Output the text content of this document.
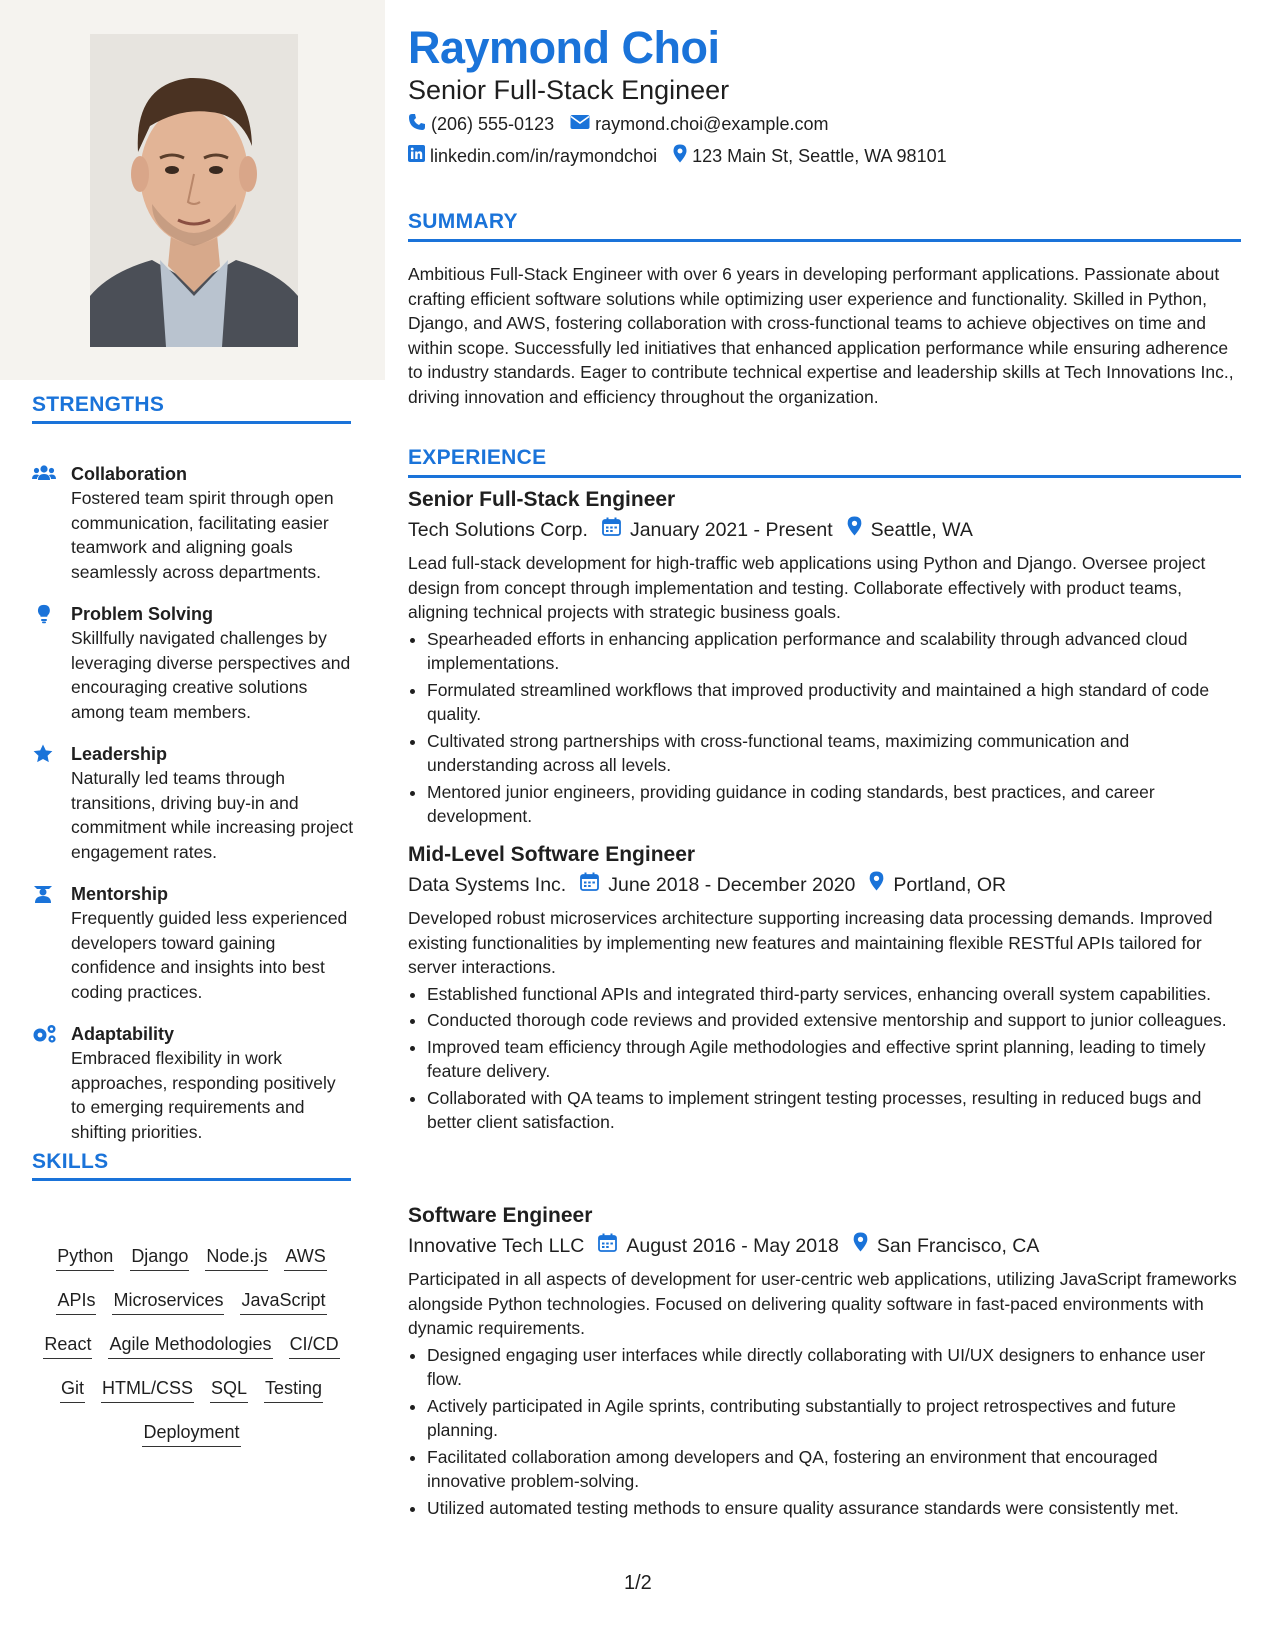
STRENGTHS
Collaboration
Fostered team spirit through open communication, facilitating easier teamwork and aligning goals seamlessly across departments.
Problem Solving
Skillfully navigated challenges by leveraging diverse perspectives and encouraging creative solutions among team members.
Leadership
Naturally led teams through transitions, driving buy-in and commitment while increasing project engagement rates.
Mentorship
Frequently guided less experienced developers toward gaining confidence and insights into best coding practices.
Adaptability
Embraced flexibility in work approaches, responding positively to emerging requirements and shifting priorities.
SKILLS
Python Django Node.js AWS
APIs Microservices JavaScript
React Agile Methodologies CI/CD
Git HTML/CSS SQL Testing
Deployment
Raymond Choi
Senior Full-Stack Engineer
(206) 555-0123 raymond.choi@example.com
linkedin.com/in/raymondchoi 123 Main St, Seattle, WA 98101
SUMMARY
Ambitious Full-Stack Engineer with over 6 years in developing performant applications. Passionate about crafting efficient software solutions while optimizing user experience and functionality. Skilled in Python, Django, and AWS, fostering collaboration with cross-functional teams to achieve objectives on time and within scope. Successfully led initiatives that enhanced application performance while ensuring adherence to industry standards. Eager to contribute technical expertise and leadership skills at Tech Innovations Inc., driving innovation and efficiency throughout the organization.
EXPERIENCE
Senior Full-Stack Engineer
Tech Solutions Corp. January 2021 - Present Seattle, WA
Lead full-stack development for high-traffic web applications using Python and Django. Oversee project design from concept through implementation and testing. Collaborate effectively with product teams, aligning technical projects with strategic business goals.
• Spearheaded efforts in enhancing application performance and scalability through advanced cloud implementations.
• Formulated streamlined workflows that improved productivity and maintained a high standard of code quality.
• Cultivated strong partnerships with cross-functional teams, maximizing communication and understanding across all levels.
• Mentored junior engineers, providing guidance in coding standards, best practices, and career development.
Mid-Level Software Engineer
Data Systems Inc. June 2018 - December 2020 Portland, OR
Developed robust microservices architecture supporting increasing data processing demands. Improved existing functionalities by implementing new features and maintaining flexible RESTful APIs tailored for server interactions.
• Established functional APIs and integrated third-party services, enhancing overall system capabilities.
• Conducted thorough code reviews and provided extensive mentorship and support to junior colleagues.
• Improved team efficiency through Agile methodologies and effective sprint planning, leading to timely feature delivery.
• Collaborated with QA teams to implement stringent testing processes, resulting in reduced bugs and better client satisfaction.
Software Engineer
Innovative Tech LLC August 2016 - May 2018 San Francisco, CA
Participated in all aspects of development for user-centric web applications, utilizing JavaScript frameworks alongside Python technologies. Focused on delivering quality software in fast-paced environments with dynamic requirements.
• Designed engaging user interfaces while directly collaborating with UI/UX designers to enhance user flow.
• Actively participated in Agile sprints, contributing substantially to project retrospectives and future planning.
• Facilitated collaboration among developers and QA, fostering an environment that encouraged innovative problem-solving.
• Utilized automated testing methods to ensure quality assurance standards were consistently met.
1/2
